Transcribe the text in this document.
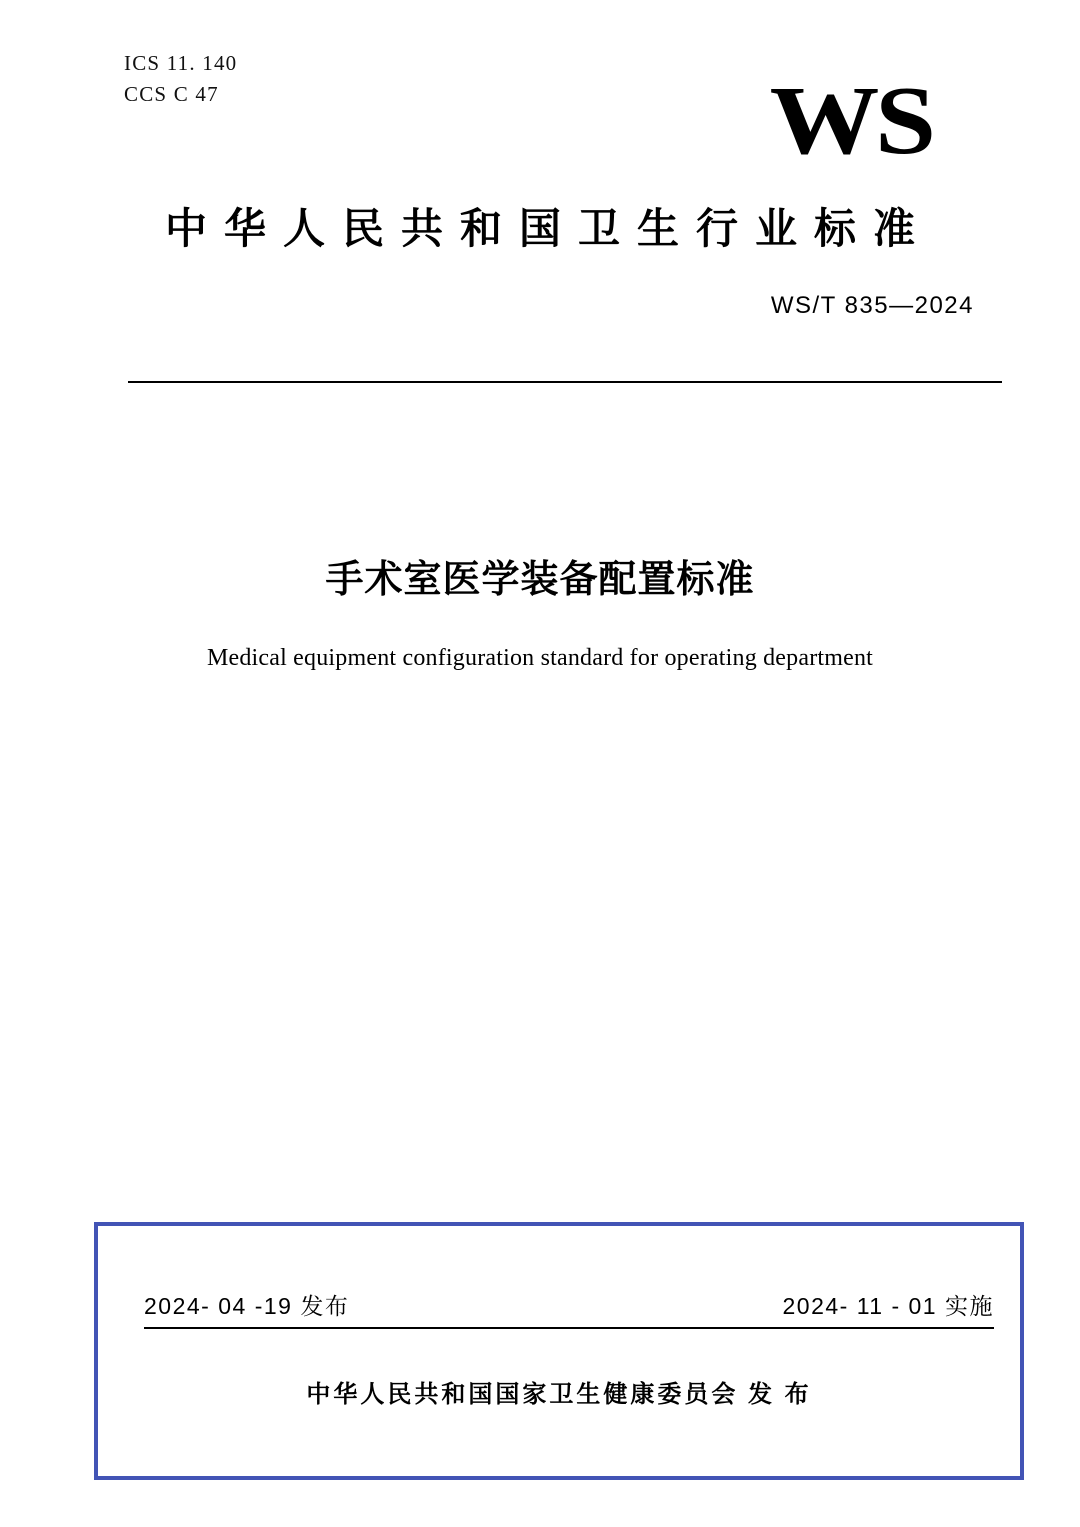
ICS 11. 140
CCS C 47	WS
中华人民共和国卫生行业标准
WS/T 835—2024
手术室医学装备配置标准
Medical equipment configuration standard for operating department
2024- 04 -19 发布	2024- 11 - 01 实施
中华人民共和国国家卫生健康委员会 发 布
